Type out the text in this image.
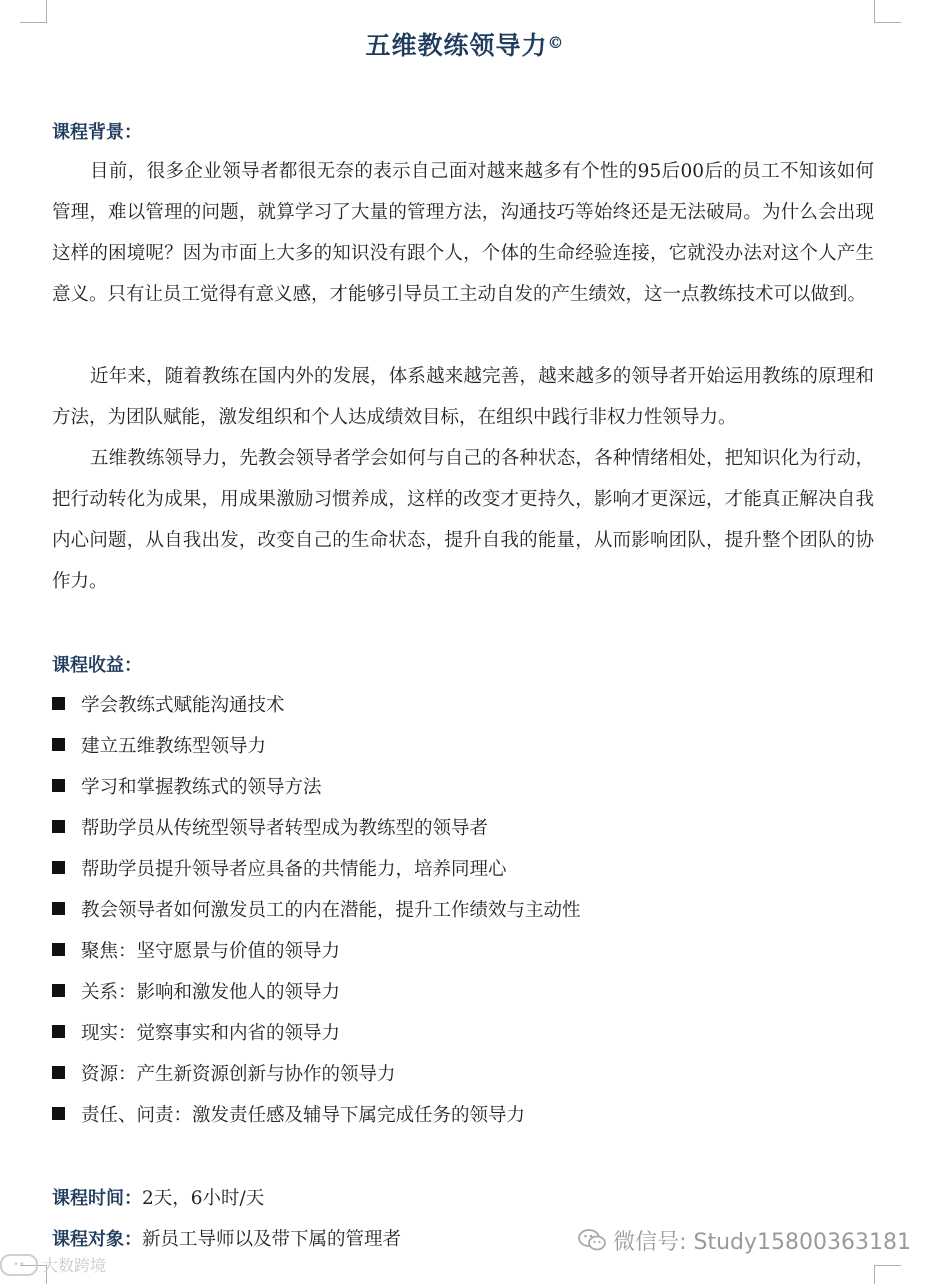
五维教练领导力©
课程背景：
目前，很多企业领导者都很无奈的表示自己面对越来越多有个性的95后00后的员工不知该如何管理，难以管理的问题，就算学习了大量的管理方法，沟通技巧等始终还是无法破局。为什么会出现这样的困境呢？因为市面上大多的知识没有跟个人，个体的生命经验连接，它就没办法对这个人产生意义。只有让员工觉得有意义感，才能够引导员工主动自发的产生绩效，这一点教练技术可以做到。
近年来，随着教练在国内外的发展，体系越来越完善，越来越多的领导者开始运用教练的原理和方法，为团队赋能，激发组织和个人达成绩效目标，在组织中践行非权力性领导力。
五维教练领导力，先教会领导者学会如何与自己的各种状态，各种情绪相处，把知识化为行动，把行动转化为成果，用成果激励习惯养成，这样的改变才更持久，影响才更深远，才能真正解决自我内心问题，从自我出发，改变自己的生命状态，提升自我的能量，从而影响团队，提升整个团队的协作力。
课程收益：
学会教练式赋能沟通技术
建立五维教练型领导力
学习和掌握教练式的领导方法
帮助学员从传统型领导者转型成为教练型的领导者
帮助学员提升领导者应具备的共情能力，培养同理心
教会领导者如何激发员工的内在潜能，提升工作绩效与主动性
聚焦：坚守愿景与价值的领导力
关系：影响和激发他人的领导力
现实：觉察事实和内省的领导力
资源：产生新资源创新与协作的领导力
责任、问责：激发责任感及辅导下属完成任务的领导力
课程时间：2天，6小时/天
课程对象：新员工导师以及带下属的管理者	微信号: Study15800363181
••	大数跨境
